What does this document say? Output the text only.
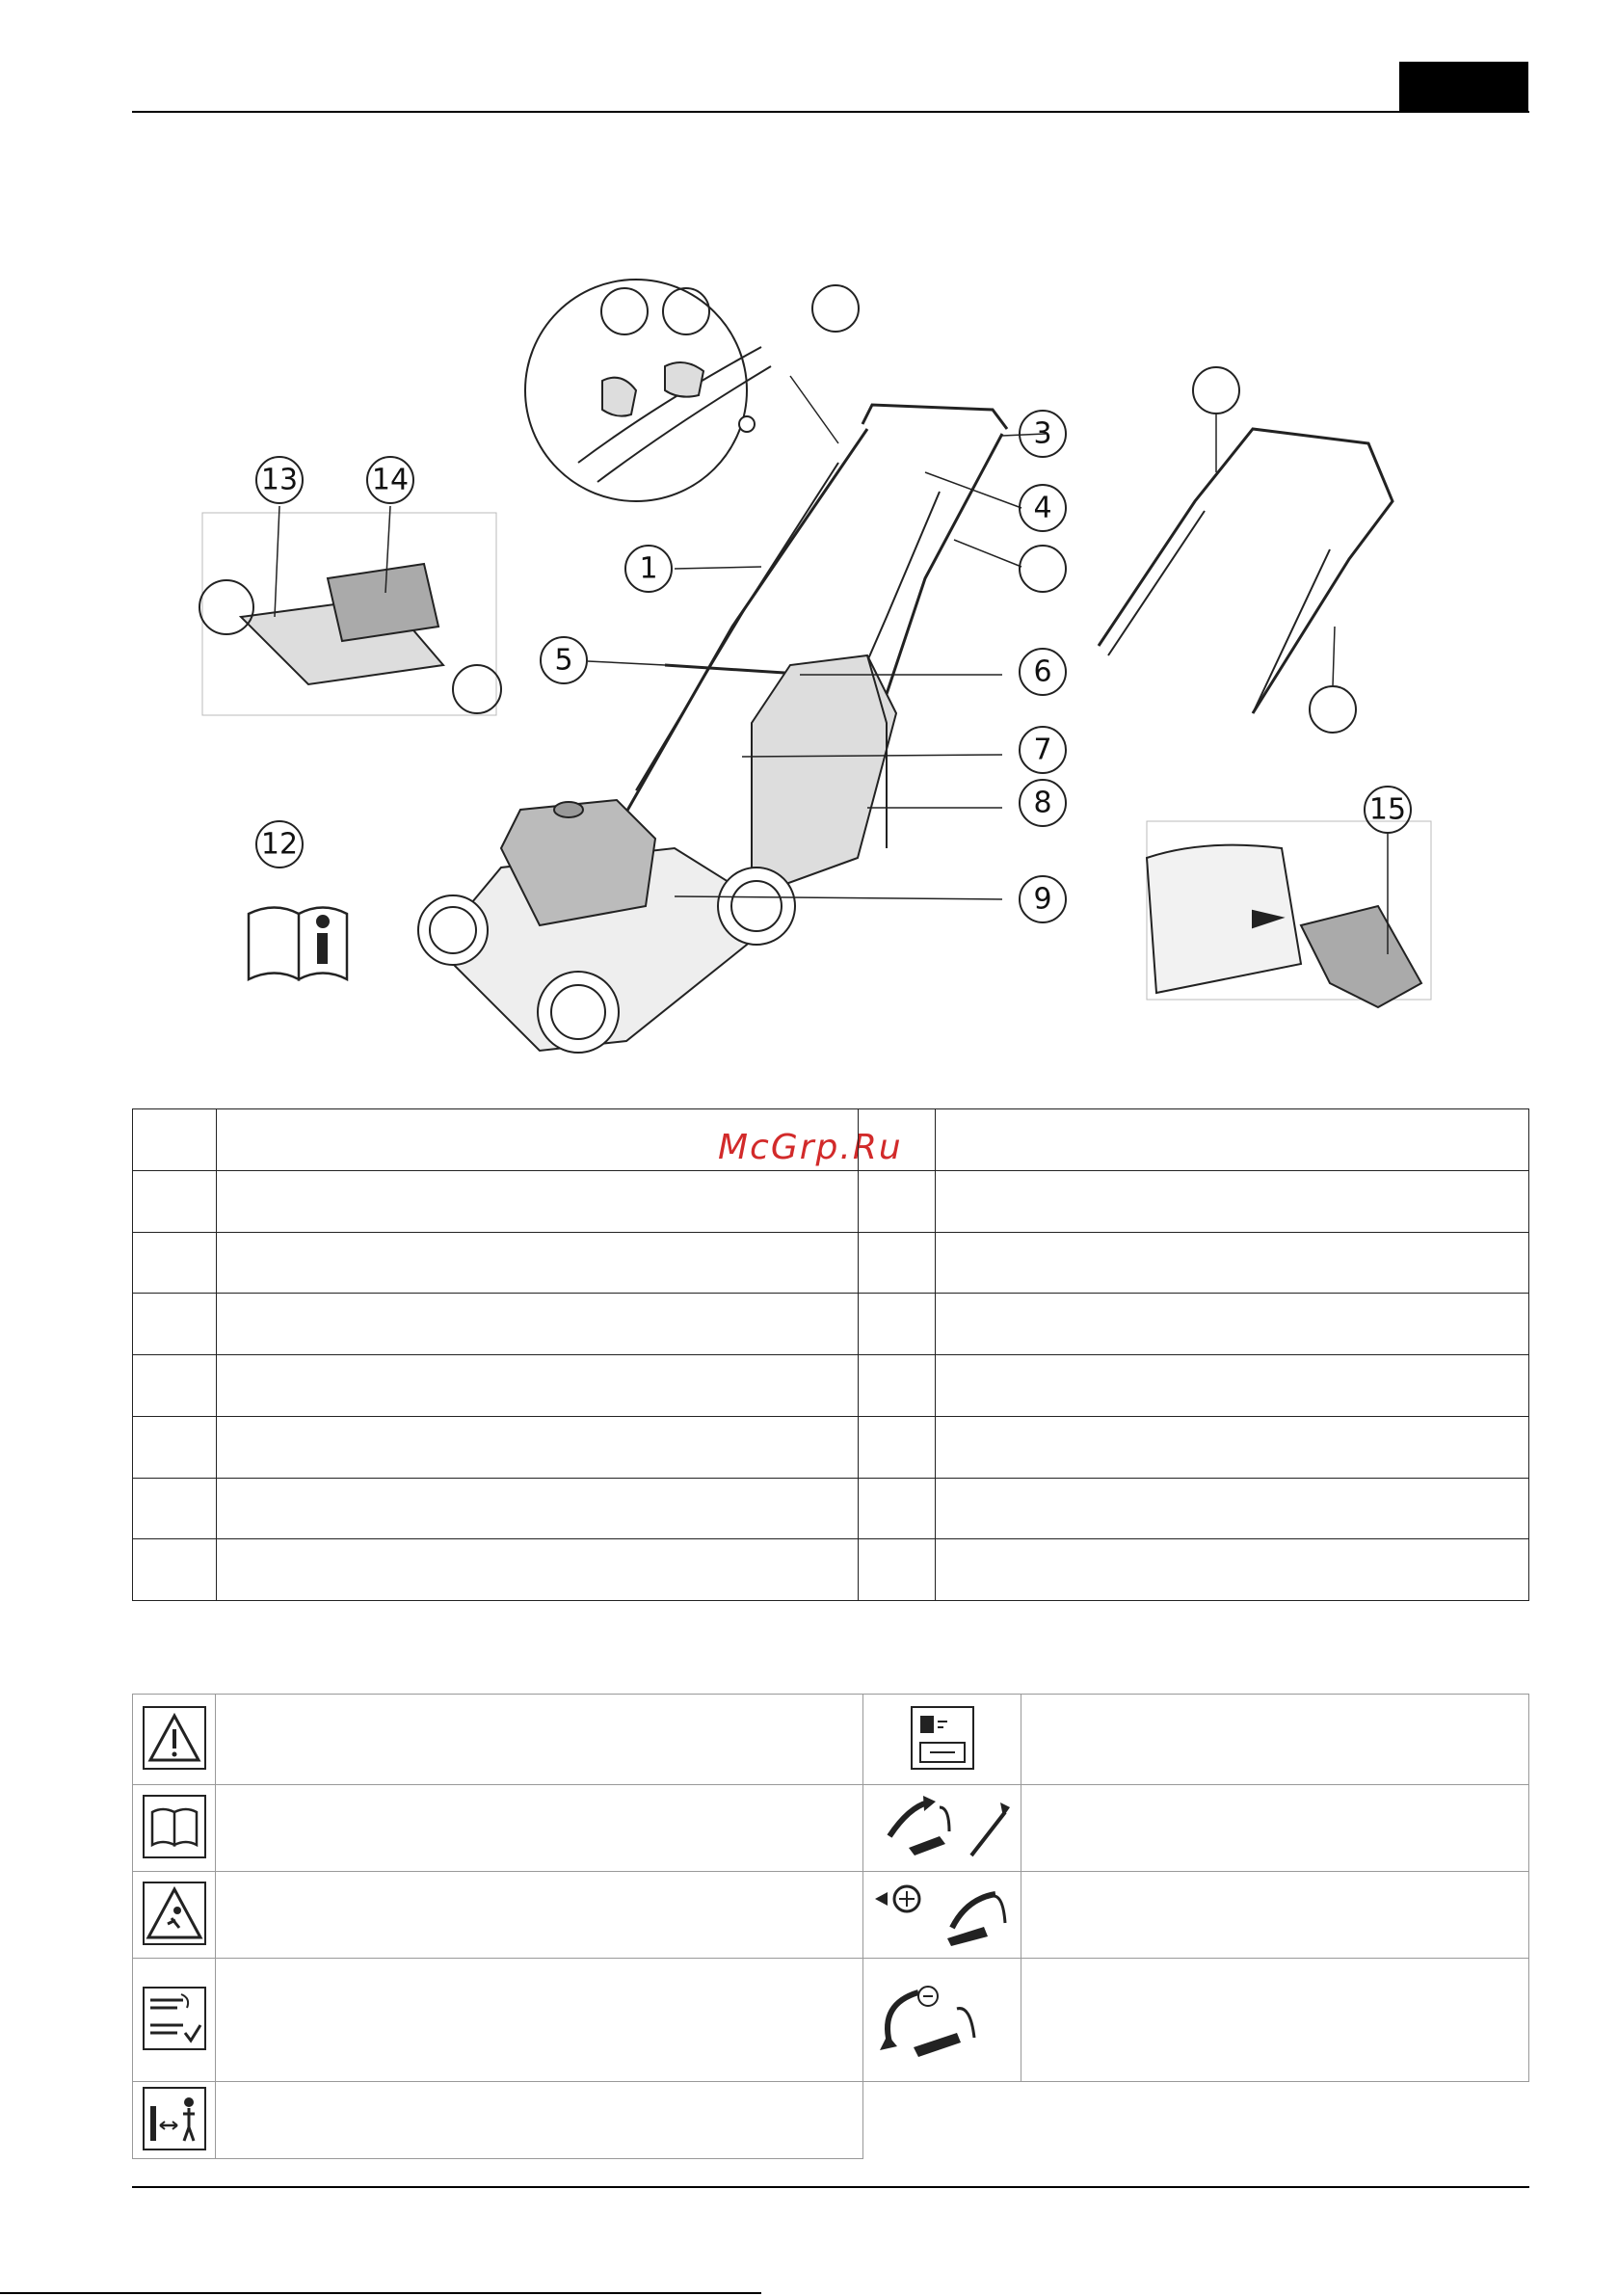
1
3
4
5	6
7
8
9
12
13	14
15
McGrp.Ru
